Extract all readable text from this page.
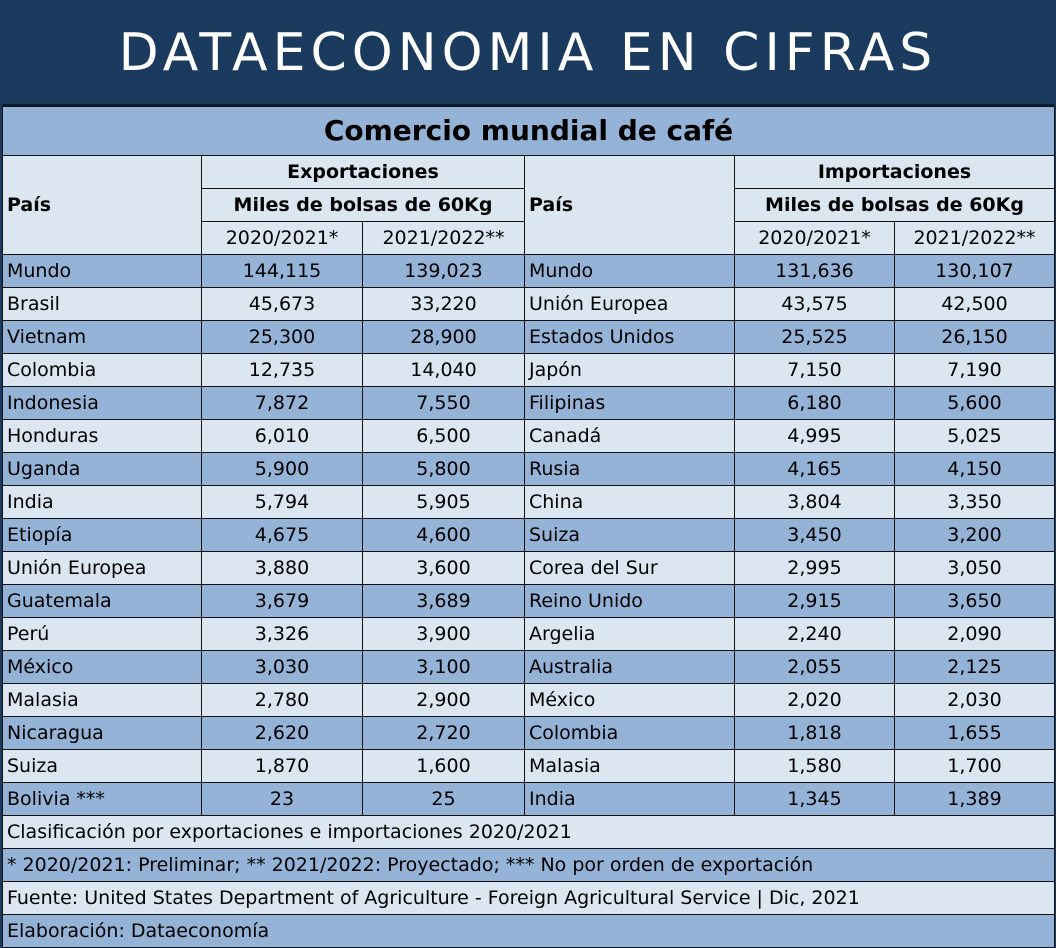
DATAECONOMIA EN CIFRAS
Comercio mundial de café					
País	Exportaciones		País	Importaciones	
	Miles de bolsas de 60Kg			Miles de bolsas de 60Kg	
	2020/2021*	2021/2022**		2020/2021*	2021/2022**
Mundo	144,115	139,023	Mundo	131,636	130,107
Brasil	45,673	33,220	Unión Europea	43,575	42,500
Vietnam	25,300	28,900	Estados Unidos	25,525	26,150
Colombia	12,735	14,040	Japón	7,150	7,190
Indonesia	7,872	7,550	Filipinas	6,180	5,600
Honduras	6,010	6,500	Canadá	4,995	5,025
Uganda	5,900	5,800	Rusia	4,165	4,150
India	5,794	5,905	China	3,804	3,350
Etiopía	4,675	4,600	Suiza	3,450	3,200
Unión Europea	3,880	3,600	Corea del Sur	2,995	3,050
Guatemala	3,679	3,689	Reino Unido	2,915	3,650
Perú	3,326	3,900	Argelia	2,240	2,090
México	3,030	3,100	Australia	2,055	2,125
Malasia	2,780	2,900	México	2,020	2,030
Nicaragua	2,620	2,720	Colombia	1,818	1,655
Suiza	1,870	1,600	Malasia	1,580	1,700
Bolivia ***	23	25	India	1,345	1,389
Clasificación por exportaciones e importaciones 2020/2021					
* 2020/2021: Preliminar; ** 2021/2022: Proyectado; *** No por orden de exportación					
Fuente: United States Department of Agriculture - Foreign Agricultural Service | Dic, 2021					
Elaboración: Dataeconomía					
